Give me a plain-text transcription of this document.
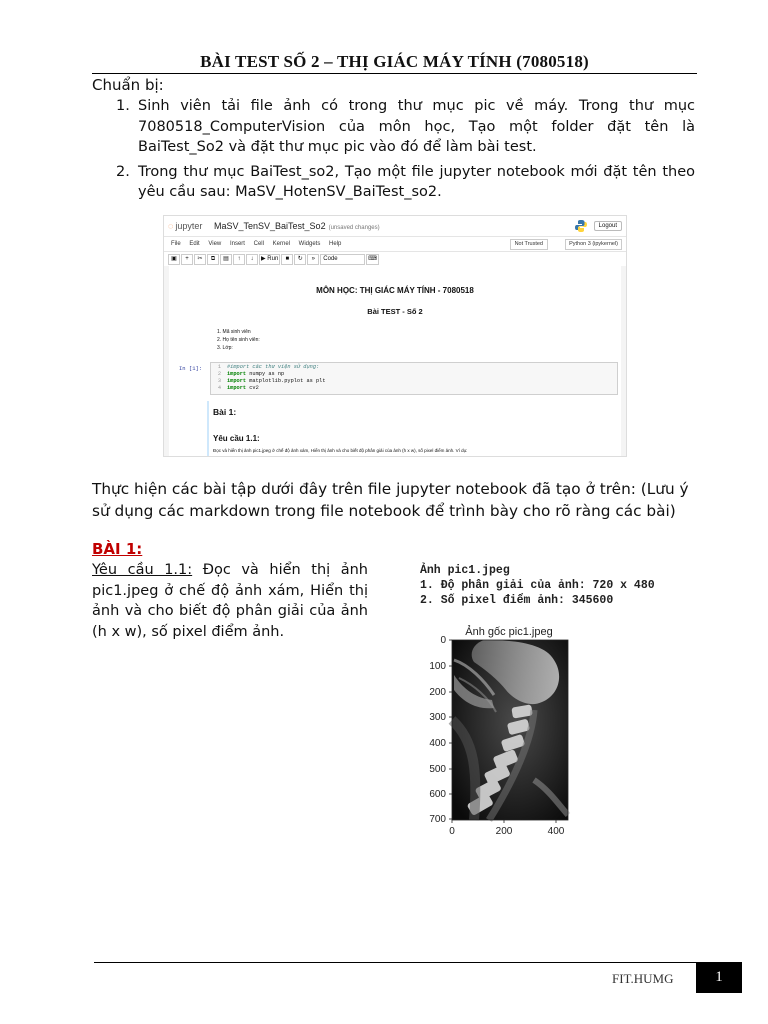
BÀI TEST SỐ 2 – THỊ GIÁC MÁY TÍNH (7080518)
Chuẩn bị:
1. Sinh viên tải file ảnh có trong thư mục pic về máy. Trong thư mục 7080518_ComputerVision của môn học, Tạo một folder đặt tên là BaiTest_So2 và đặt thư mục pic vào đó để làm bài test.
2. Trong thư mục BaiTest_so2, Tạo một file jupyter notebook mới đặt tên theo yêu cầu sau: MaSV_HotenSV_BaiTest_so2.
◌ jupyter MaSV_TenSV_BaiTest_So2 (unsaved changes)	Logout
File Edit View Insert Cell Kernel Widgets Help	Not Trusted	Python 3 (ipykernel)
▣ + ✂ ⧉ ▤ ↑ ↓ ▶ Run ■ ↻ » Code	⌨
MÔN HỌC: THỊ GIÁC MÁY TÍNH - 7080518
Bài TEST - Số 2
1. Mã sinh viên
2. Họ tên sinh viên:
3. Lớp:
In [1]:	1 #import các thư viện sử dụng:
2 import numpy as np
3 import matplotlib.pyplot as plt
4 import cv2
Bài 1:
Yêu cầu 1.1:
Đọc và hiển thị ảnh pic1.jpeg ở chế độ ảnh xám, Hiển thị ảnh và cho biết độ phân giải của ảnh (h x w), số pixel điểm ảnh. Ví dụ:
Thực hiện các bài tập dưới đây trên file jupyter notebook đã tạo ở trên: (Lưu ý sử dụng các markdown trong file notebook để trình bày cho rõ ràng các bài)
BÀI 1:
Yêu cầu 1.1: Đọc và hiển thị ảnh pic1.jpeg ở chế độ ảnh xám, Hiển thị ảnh và cho biết độ phân giải của ảnh (h x w), số pixel điểm ảnh.
Ảnh pic1.jpeg
1. Độ phân giải của ảnh: 720 x 480
2. Số pixel điểm ảnh: 345600
Ảnh gốc pic1.jpeg
0
100
200
300
400
500
600
700
0	200	400
FIT.HUMG	1
